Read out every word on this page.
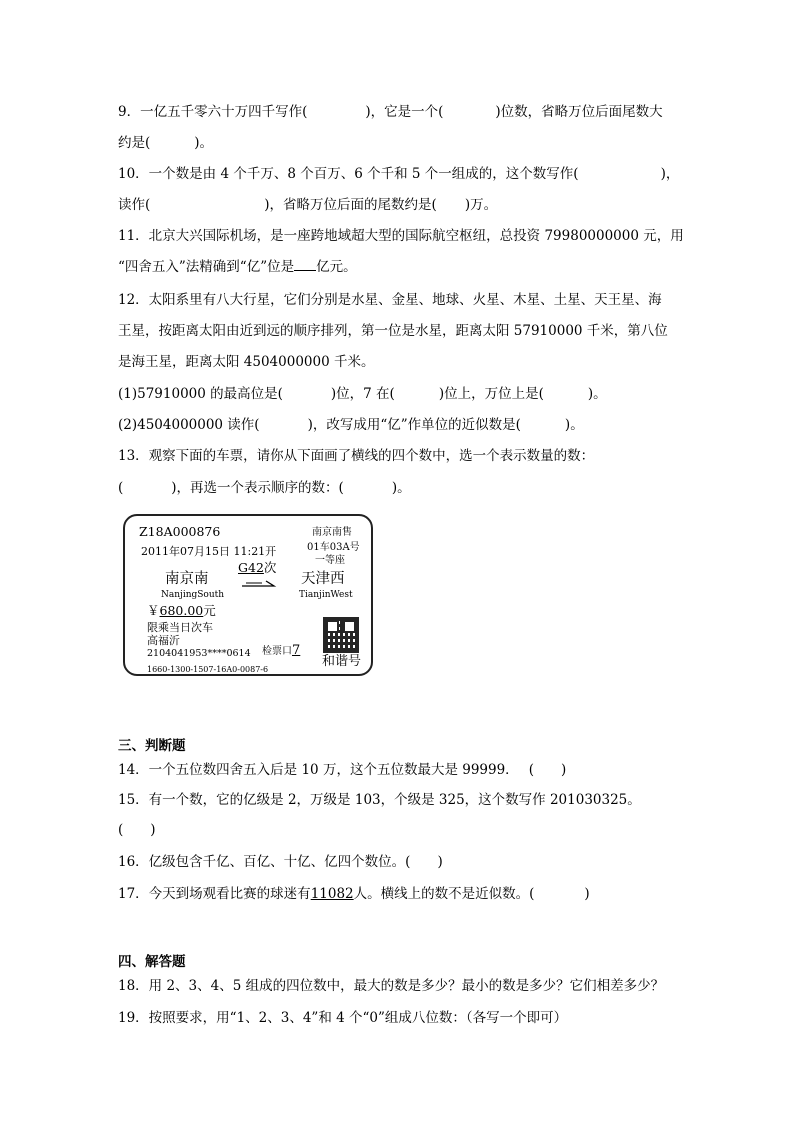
9．一亿五千零六十万四千写作(	)，它是一个(	)位数，省略万位后面尾数大
约是(	)。
10．一个数是由 4 个千万、8 个百万、6 个千和 5 个一组成的，这个数写作(	)，
读作(	)，省略万位后面的尾数约是( )万。
11．北京大兴国际机场，是一座跨地域超大型的国际航空枢纽，总投资 79980000000 元，用
“四舍五入”法精确到“亿”位是 亿元。
12．太阳系里有八大行星，它们分别是水星、金星、地球、火星、木星、土星、天王星、海
王星，按距离太阳由近到远的顺序排列，第一位是水星，距离太阳 57910000 千米，第八位
是海王星，距离太阳 4504000000 千米。
(1)57910000 的最高位是(	)位，7 在(	)位上，万位上是(	)。
(2)4504000000 读作(	)，改写成用“亿”作单位的近似数是(	)。
13．观察下面的车票，请你从下面画了横线的四个数中，选一个表示数量的数：
(	)，再选一个表示顺序的数：(	)。
Z18A000876	南京南售
2011年07月15日 11:21开	01车03A号
一等座
G42次
南京南
NanjingSouth
天津西
TianjinWest
￥680.00元
限乘当日次车
高福沂
2104041953****0614 检票口7
和谐号
1660-1300-1507-16A0-0087-6
三、判断题
14．一个五位数四舍五入后是 10 万，这个五位数最大是 99999． (　　)
15．有一个数，它的亿级是 2，万级是 103，个级是 325，这个数写作 201030325。
(　　)
16．亿级包含千亿、百亿、十亿、亿四个数位。(　　)
17．今天到场观看比赛的球迷有11082人。横线上的数不是近似数。(	)
四、解答题
18．用 2、3、4、5 组成的四位数中，最大的数是多少？最小的数是多少？它们相差多少？
19．按照要求，用“1、2、3、4”和 4 个“0”组成八位数：（各写一个即可）
